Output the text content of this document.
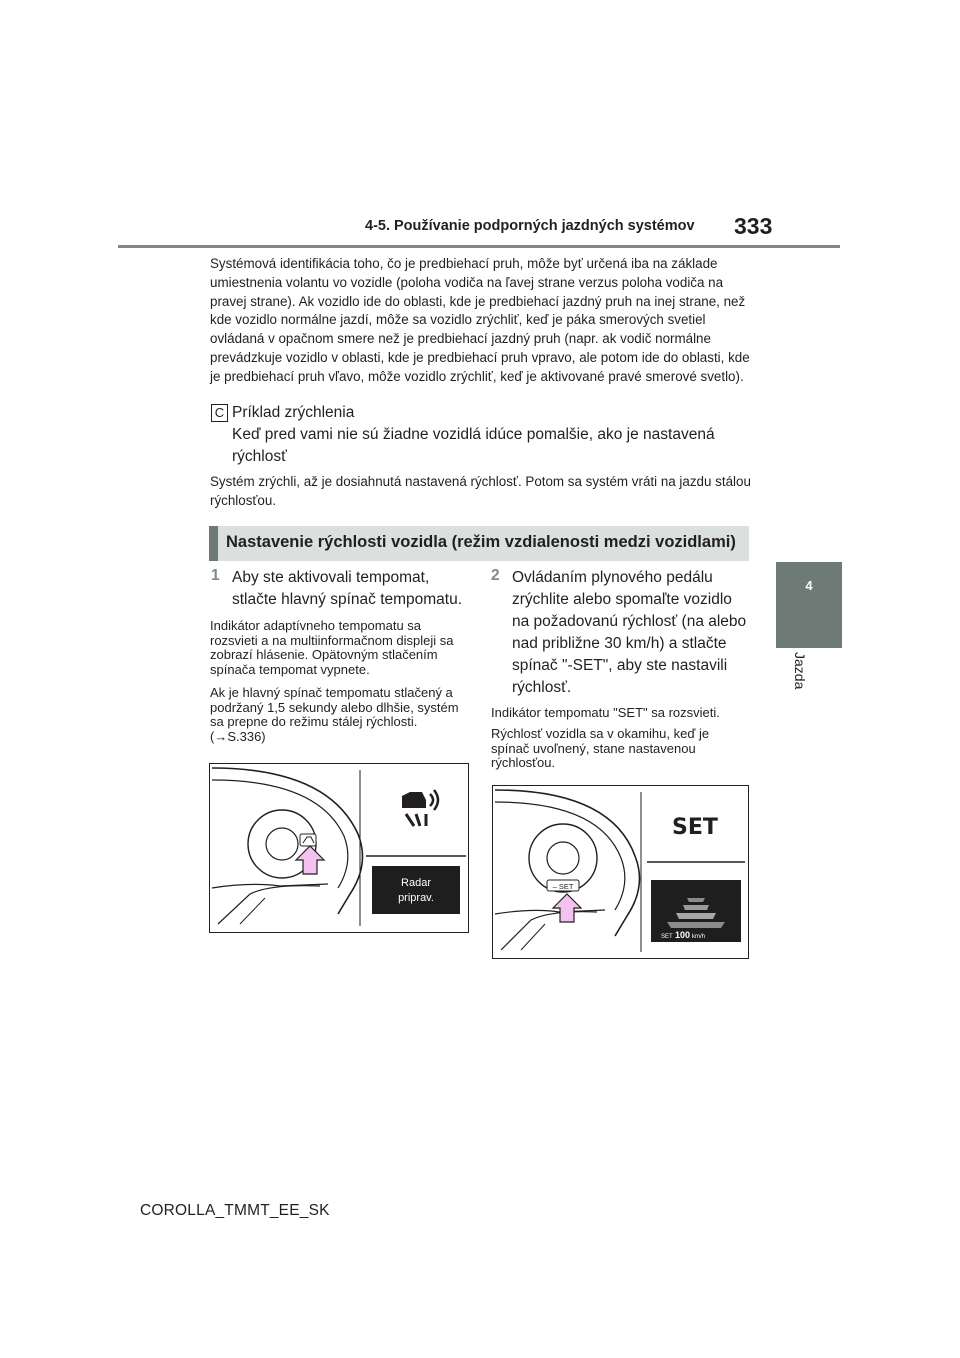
4-5. Používanie podporných jazdných systémov 333
4
Jazda
Systémová identifikácia toho, čo je predbiehací pruh, môže byť určená iba na základe umiestnenia volantu vo vozidle (poloha vodiča na ľavej strane verzus poloha vodiča na pravej strane). Ak vozidlo ide do oblasti, kde je predbiehací jazdný pruh na inej strane, než kde vozidlo normálne jazdí, môže sa vozidlo zrýchliť, keď je páka smerových svetiel ovládaná v opačnom smere než je predbiehací jazdný pruh (napr. ak vodič normálne prevádzkuje vozidlo v oblasti, kde je predbiehací pruh vpravo, ale potom ide do oblasti, kde je predbiehací pruh vľavo, môže vozidlo zrýchliť, keď je aktivované pravé smerové svetlo).
C Príklad zrýchlenia
Keď pred vami nie sú žiadne vozidlá idúce pomalšie, ako je nastavená rýchlosť
Systém zrýchli, až je dosiahnutá nastavená rýchlosť. Potom sa systém vráti na jazdu stálou rýchlosťou.
Nastavenie rýchlosti vozidla (režim vzdialenosti medzi vozidlami)
1 Aby ste aktivovali tempomat, stlačte hlavný spínač tempomatu.
Indikátor adaptívneho tempomatu sa rozsvieti a na multiinformačnom displeji sa zobrazí hlásenie. Opätovným stlačením spínača tempomat vypnete.
Ak je hlavný spínač tempomatu stlačený a podržaný 1,5 sekundy alebo dlhšie, systém sa prepne do režimu stálej rýchlosti. (→S.336)
2 Ovládaním plynového pedálu zrýchlite alebo spomaľte vozidlo na požadovanú rýchlosť (na alebo nad približne 30 km/h) a stlačte spínač "-SET", aby ste nastavili rýchlosť.
Indikátor tempomatu "SET" sa rozsvieti.
Rýchlosť vozidla sa v okamihu, keď je spínač uvoľnený, stane nastavenou rýchlosťou.
Radar
priprav.
– SET
SET
SET 100 km/h
COROLLA_TMMT_EE_SK
